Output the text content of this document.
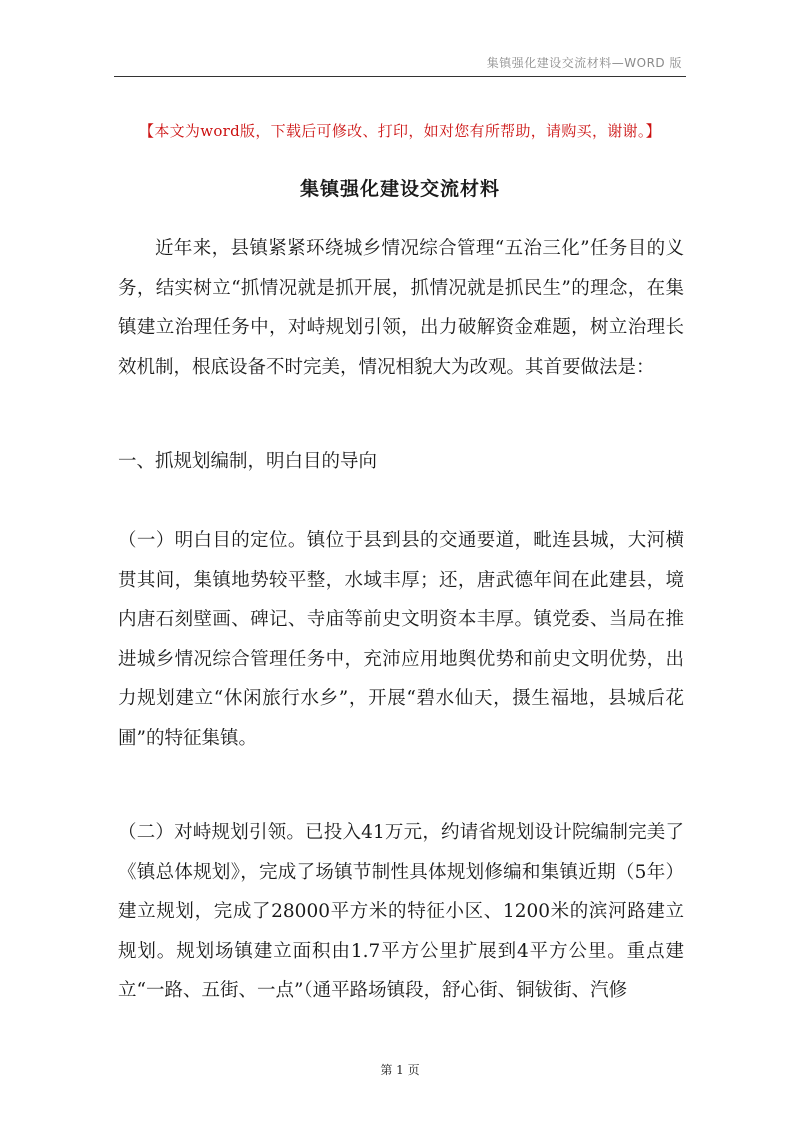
集镇强化建设交流材料—WORD 版
【本文为word版，下载后可修改、打印，如对您有所帮助，请购买，谢谢。】
集镇强化建设交流材料

近年来，县镇紧紧环绕城乡情况综合管理“五治三化”任务目的义务，结实树立“抓情况就是抓开展，抓情况就是抓民生”的理念，在集镇建立治理任务中，对峙规划引领，出力破解资金难题，树立治理长效机制，根底设备不时完美，情况相貌大为改观。其首要做法是：

一、抓规划编制，明白目的导向

（一）明白目的定位。镇位于县到县的交通要道，毗连县城，大河横贯其间，集镇地势较平整，水域丰厚；还，唐武德年间在此建县，境内唐石刻壁画、碑记、寺庙等前史文明资本丰厚。镇党委、当局在推进城乡情况综合管理任务中，充沛应用地舆优势和前史文明优势，出力规划建立“休闲旅行水乡”，开展“碧水仙天，摄生福地，县城后花圃”的特征集镇。

（二）对峙规划引领。已投入41万元，约请省规划设计院编制完美了《镇总体规划》，完成了场镇节制性具体规划修编和集镇近期（5年）建立规划，完成了28000平方米的特征小区、1200米的滨河路建立规划。规划场镇建立面积由1.7平方公里扩展到4平方公里。重点建立“一路、五街、一点”（通平路场镇段，舒心街、铜钹街、汽修

第 1 页
